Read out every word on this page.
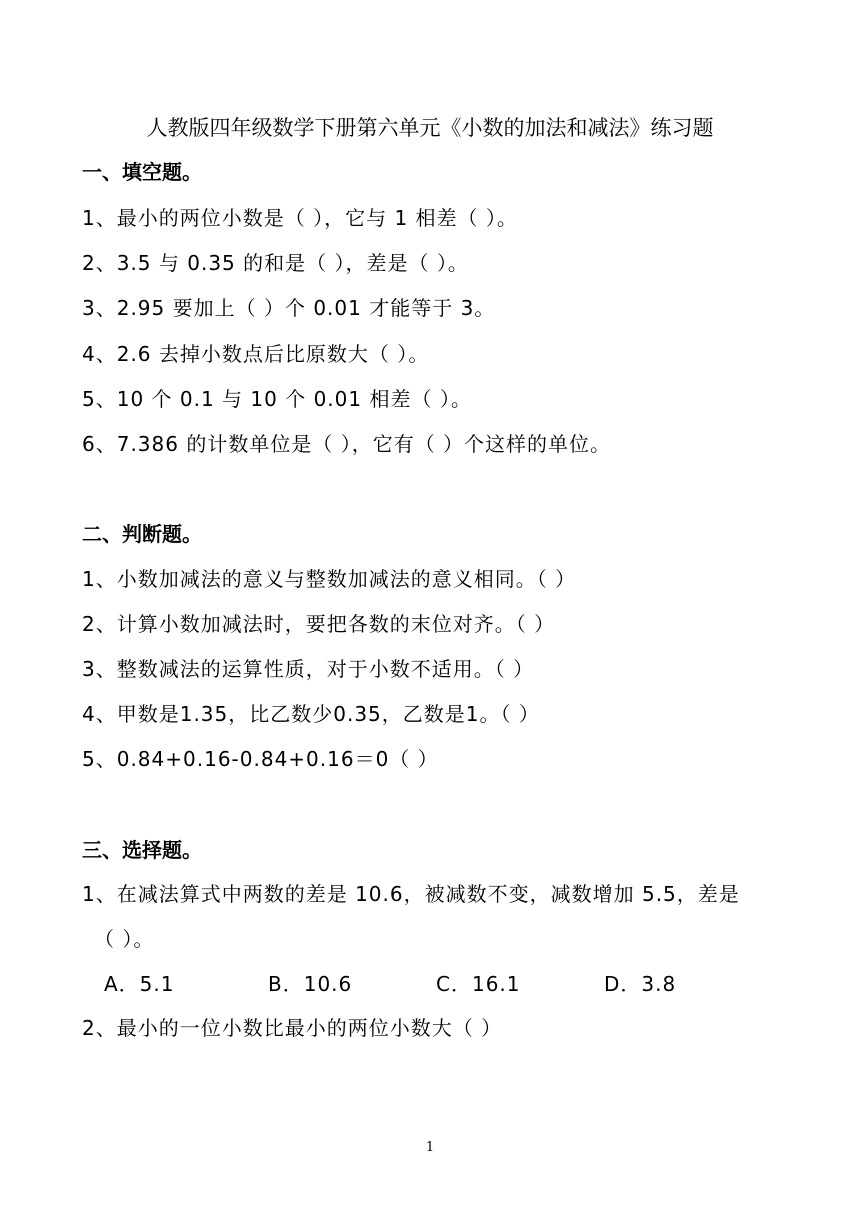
人教版四年级数学下册第六单元《小数的加法和减法》练习题
一、填空题。
1、最小的两位小数是（ ），它与 1 相差（ ）。
2、3.5 与 0.35 的和是（ ），差是（ ）。
3、2.95 要加上（ ）个 0.01 才能等于 3。
4、2.6 去掉小数点后比原数大（ ）。
5、10 个 0.1 与 10 个 0.01 相差（ ）。
6、7.386 的计数单位是（ ），它有（ ）个这样的单位。
二、判断题。
1、小数加减法的意义与整数加减法的意义相同。（ ）
2、计算小数加减法时，要把各数的末位对齐。（ ）
3、整数减法的运算性质，对于小数不适用。（ ）
4、甲数是1.35，比乙数少0.35，乙数是1。（ ）
5、0.84+0.16-0.84+0.16＝0（ ）
三、选择题。
1、在减法算式中两数的差是 10.6，被减数不变，减数增加 5.5，差是
（ ）。
A．5.1	B．10.6	C．16.1	D．3.8
2、最小的一位小数比最小的两位小数大（ ）
1
